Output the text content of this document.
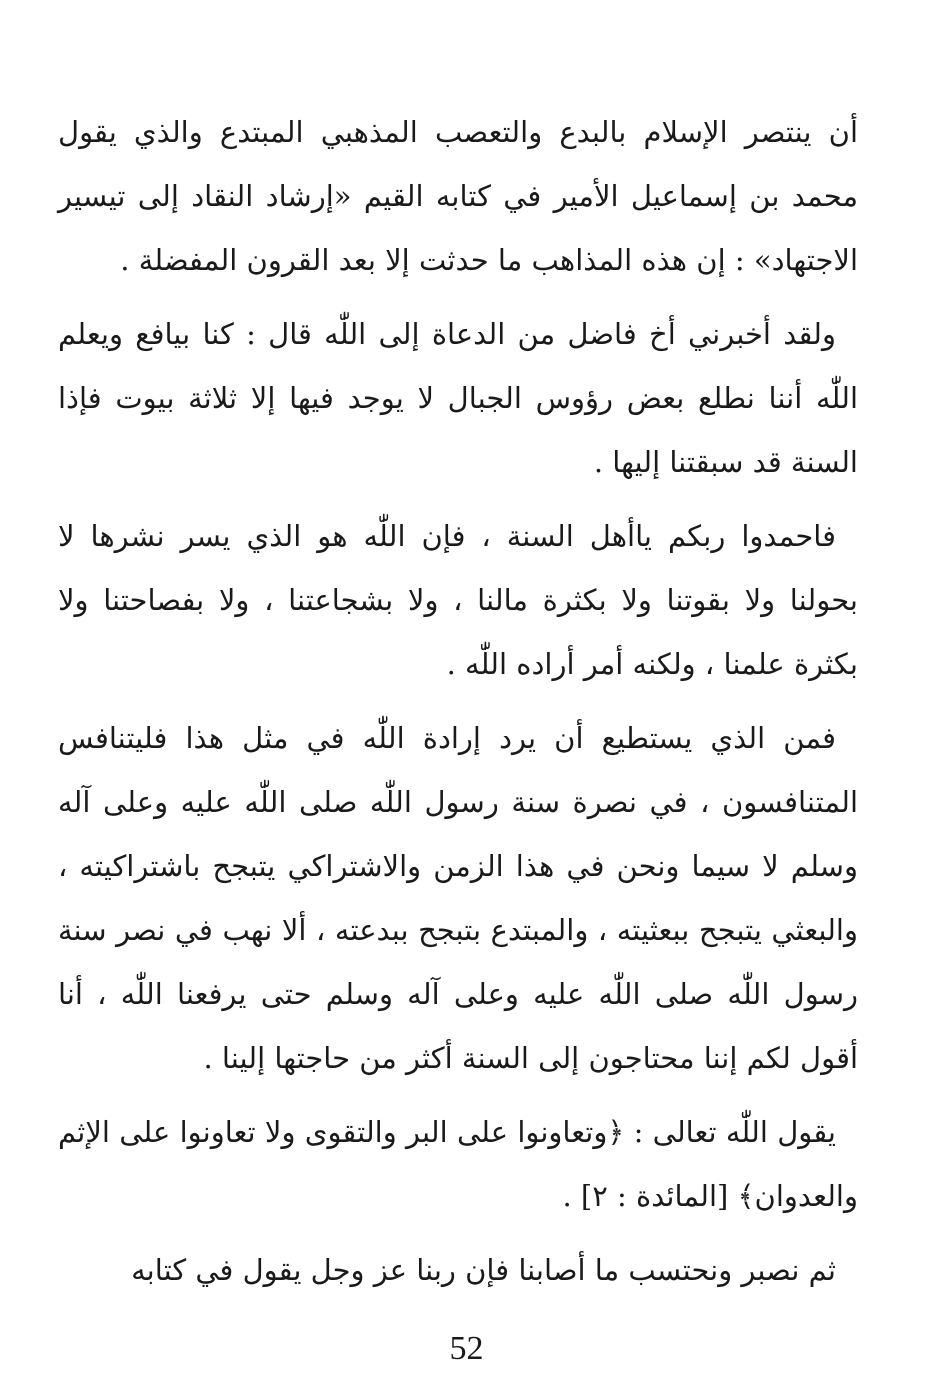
أن ينتصر الإسلام بالبدع والتعصب المذهبي المبتدع والذي يقول محمد بن إسماعيل الأمير في كتابه القيم «إرشاد النقاد إلى تيسير الاجتهاد» : إن هذه المذاهب ما حدثت إلا بعد القرون المفضلة .

ولقد أخبرني أخ فاضل من الدعاة إلى اللّٰه قال : كنا بيافع ويعلم اللّٰه أننا نطلع بعض رؤوس الجبال لا يوجد فيها إلا ثلاثة بيوت فإذا السنة قد سبقتنا إليها .

فاحمدوا ربكم ياأهل السنة ، فإن اللّٰه هو الذي يسر نشرها لا بحولنا ولا بقوتنا ولا بكثرة مالنا ، ولا بشجاعتنا ، ولا بفصاحتنا ولا بكثرة علمنا ، ولكنه أمر أراده اللّٰه .

فمن الذي يستطيع أن يرد إرادة اللّٰه في مثل هذا فليتنافس المتنافسون ، في نصرة سنة رسول اللّٰه صلى اللّٰه عليه وعلى آله وسلم لا سيما ونحن في هذا الزمن والاشتراكي يتبجح باشتراكيته ، والبعثي يتبجح ببعثيته ، والمبتدع بتبجح ببدعته ، ألا نهب في نصر سنة رسول اللّٰه صلى اللّٰه عليه وعلى آله وسلم حتى يرفعنا اللّٰه ، أنا أقول لكم إننا محتاجون إلى السنة أكثر من حاجتها إلينا .

يقول اللّٰه تعالى : ﴿وتعاونوا على البر والتقوى ولا تعاونوا على الإثم والعدوان﴾ [المائدة : ٢] .

ثم نصبر ونحتسب ما أصابنا فإن ربنا عز وجل يقول في كتابه

52
